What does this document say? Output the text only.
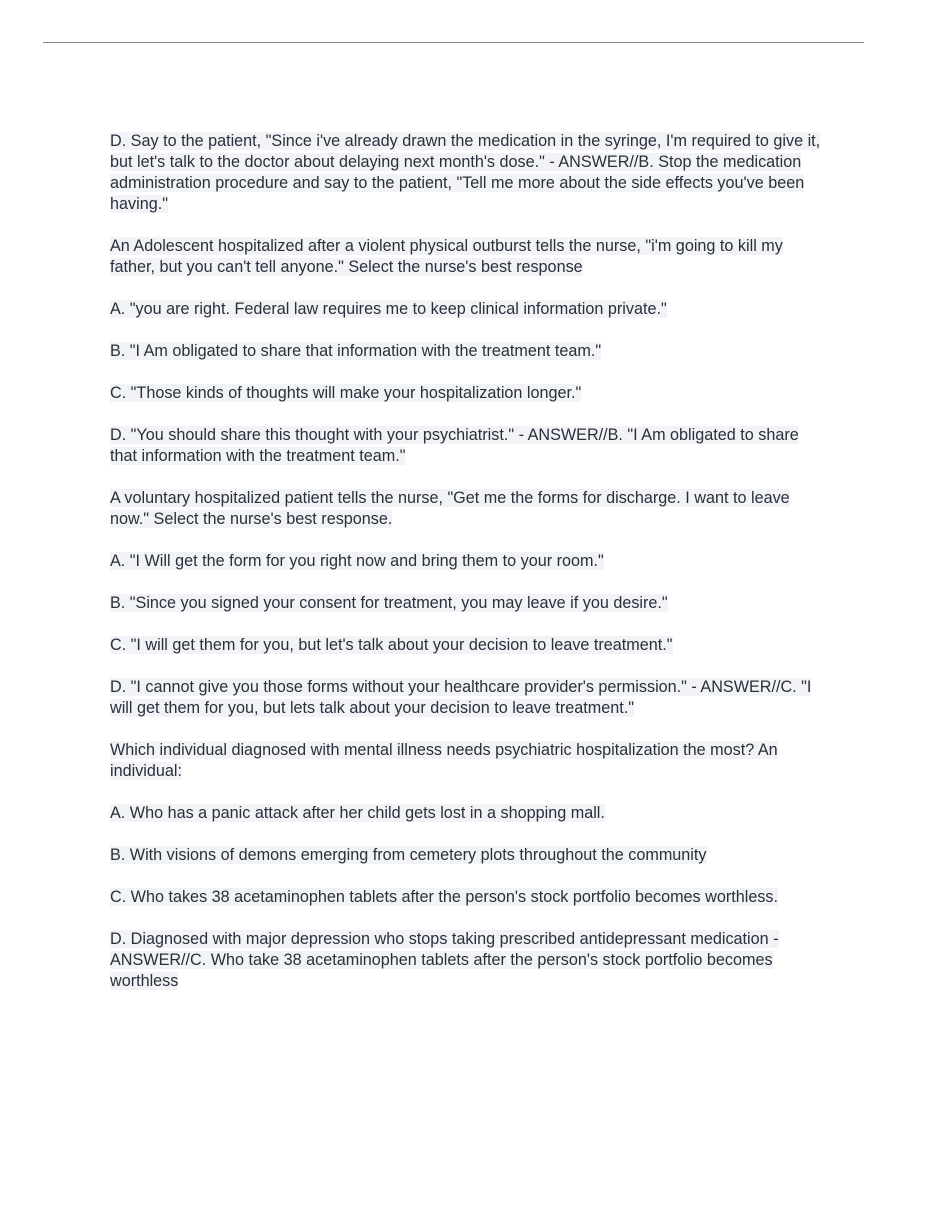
D. Say to the patient, "Since i've already drawn the medication in the syringe, I'm required to give it, but let's talk to the doctor about delaying next month's dose." - ANSWER//B. Stop the medication administration procedure and say to the patient, "Tell me more about the side effects you've been having."

An Adolescent hospitalized after a violent physical outburst tells the nurse, "i'm going to kill my father, but you can't tell anyone." Select the nurse's best response

A. "you are right. Federal law requires me to keep clinical information private."

B. "I Am obligated to share that information with the treatment team."

C. "Those kinds of thoughts will make your hospitalization longer."

D. "You should share this thought with your psychiatrist." - ANSWER//B. "I Am obligated to share that information with the treatment team."

A voluntary hospitalized patient tells the nurse, "Get me the forms for discharge. I want to leave now." Select the nurse's best response.

A. "I Will get the form for you right now and bring them to your room."

B. "Since you signed your consent for treatment, you may leave if you desire."

C. "I will get them for you, but let's talk about your decision to leave treatment."

D. "I cannot give you those forms without your healthcare provider's permission." - ANSWER//C. "I will get them for you, but lets talk about your decision to leave treatment."

Which individual diagnosed with mental illness needs psychiatric hospitalization the most? An individual:

A. Who has a panic attack after her child gets lost in a shopping mall.

B. With visions of demons emerging from cemetery plots throughout the community

C. Who takes 38 acetaminophen tablets after the person's stock portfolio becomes worthless.

D. Diagnosed with major depression who stops taking prescribed antidepressant medication - ANSWER//C. Who take 38 acetaminophen tablets after the person's stock portfolio becomes worthless
